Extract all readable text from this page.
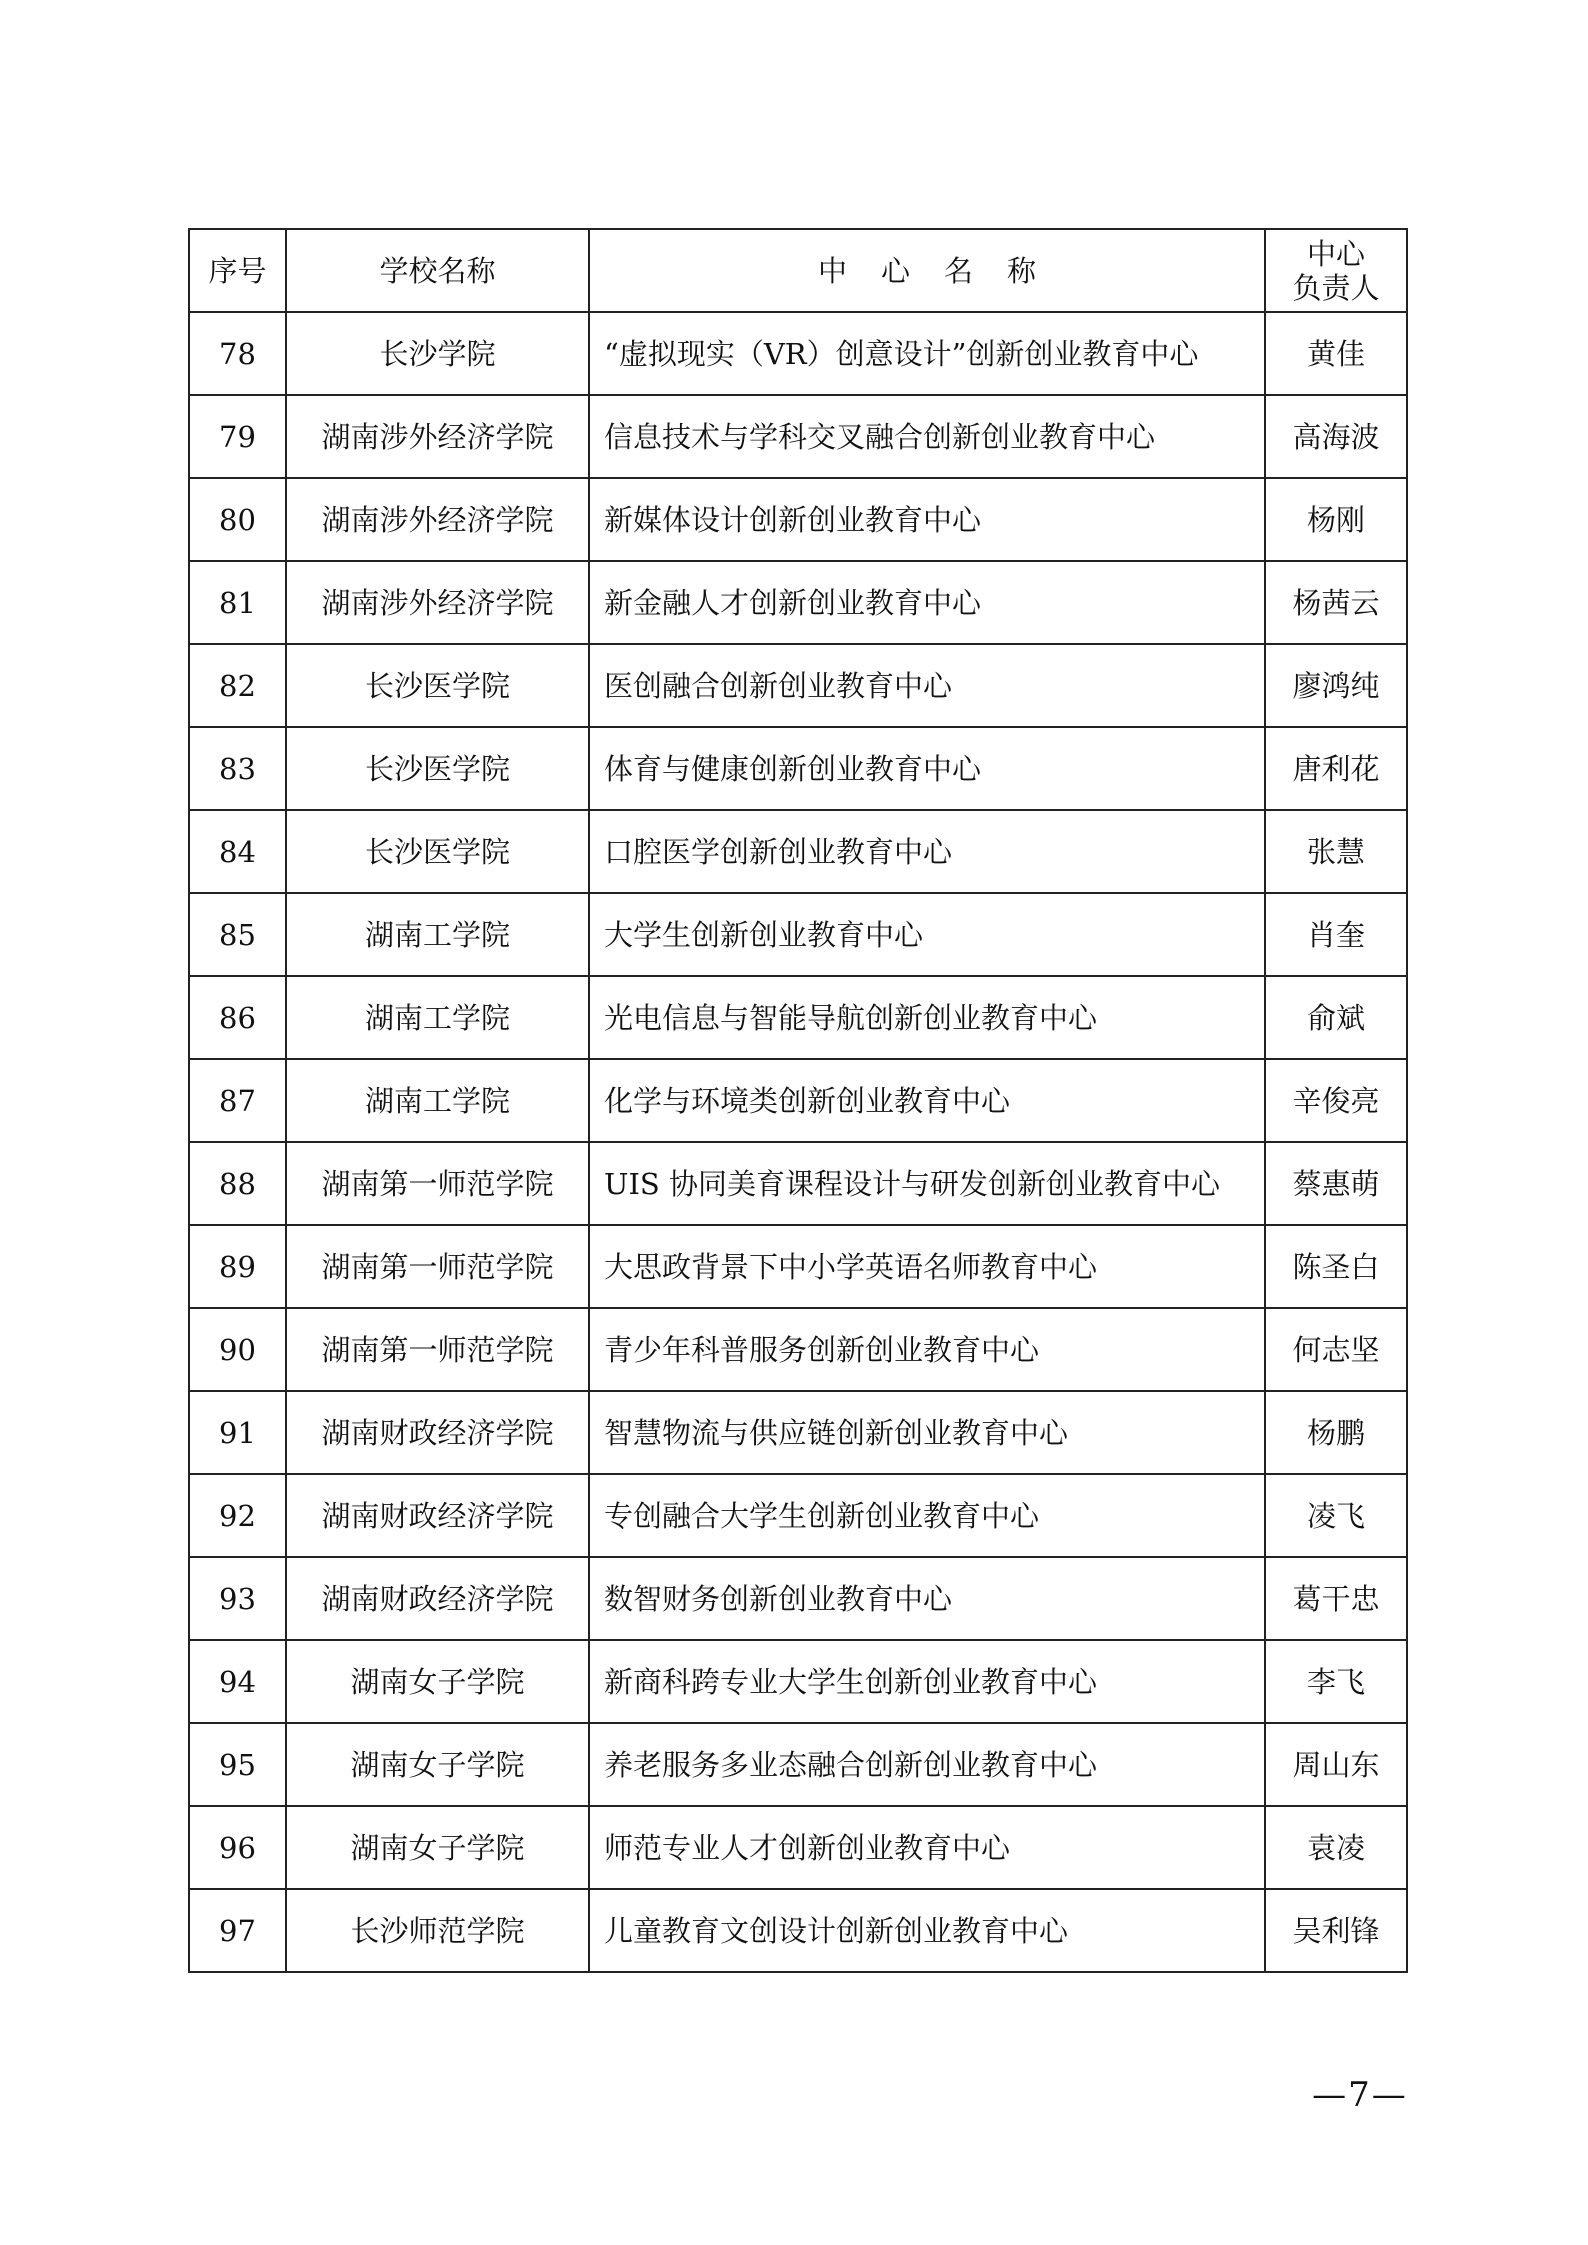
序号	学校名称	中心名称	中心
负责人
78	长沙学院	“虚拟现实（VR）创意设计”创新创业教育中心	黄佳
79	湖南涉外经济学院	信息技术与学科交叉融合创新创业教育中心	高海波
80	湖南涉外经济学院	新媒体设计创新创业教育中心	杨刚
81	湖南涉外经济学院	新金融人才创新创业教育中心	杨茜云
82	长沙医学院	医创融合创新创业教育中心	廖鸿纯
83	长沙医学院	体育与健康创新创业教育中心	唐利花
84	长沙医学院	口腔医学创新创业教育中心	张慧
85	湖南工学院	大学生创新创业教育中心	肖奎
86	湖南工学院	光电信息与智能导航创新创业教育中心	俞斌
87	湖南工学院	化学与环境类创新创业教育中心	辛俊亮
88	湖南第一师范学院	UIS 协同美育课程设计与研发创新创业教育中心	蔡惠萌
89	湖南第一师范学院	大思政背景下中小学英语名师教育中心	陈圣白
90	湖南第一师范学院	青少年科普服务创新创业教育中心	何志坚
91	湖南财政经济学院	智慧物流与供应链创新创业教育中心	杨鹏
92	湖南财政经济学院	专创融合大学生创新创业教育中心	凌飞
93	湖南财政经济学院	数智财务创新创业教育中心	葛干忠
94	湖南女子学院	新商科跨专业大学生创新创业教育中心	李飞
95	湖南女子学院	养老服务多业态融合创新创业教育中心	周山东
96	湖南女子学院	师范专业人才创新创业教育中心	袁凌
97	长沙师范学院	儿童教育文创设计创新创业教育中心	吴利锋
—7—
